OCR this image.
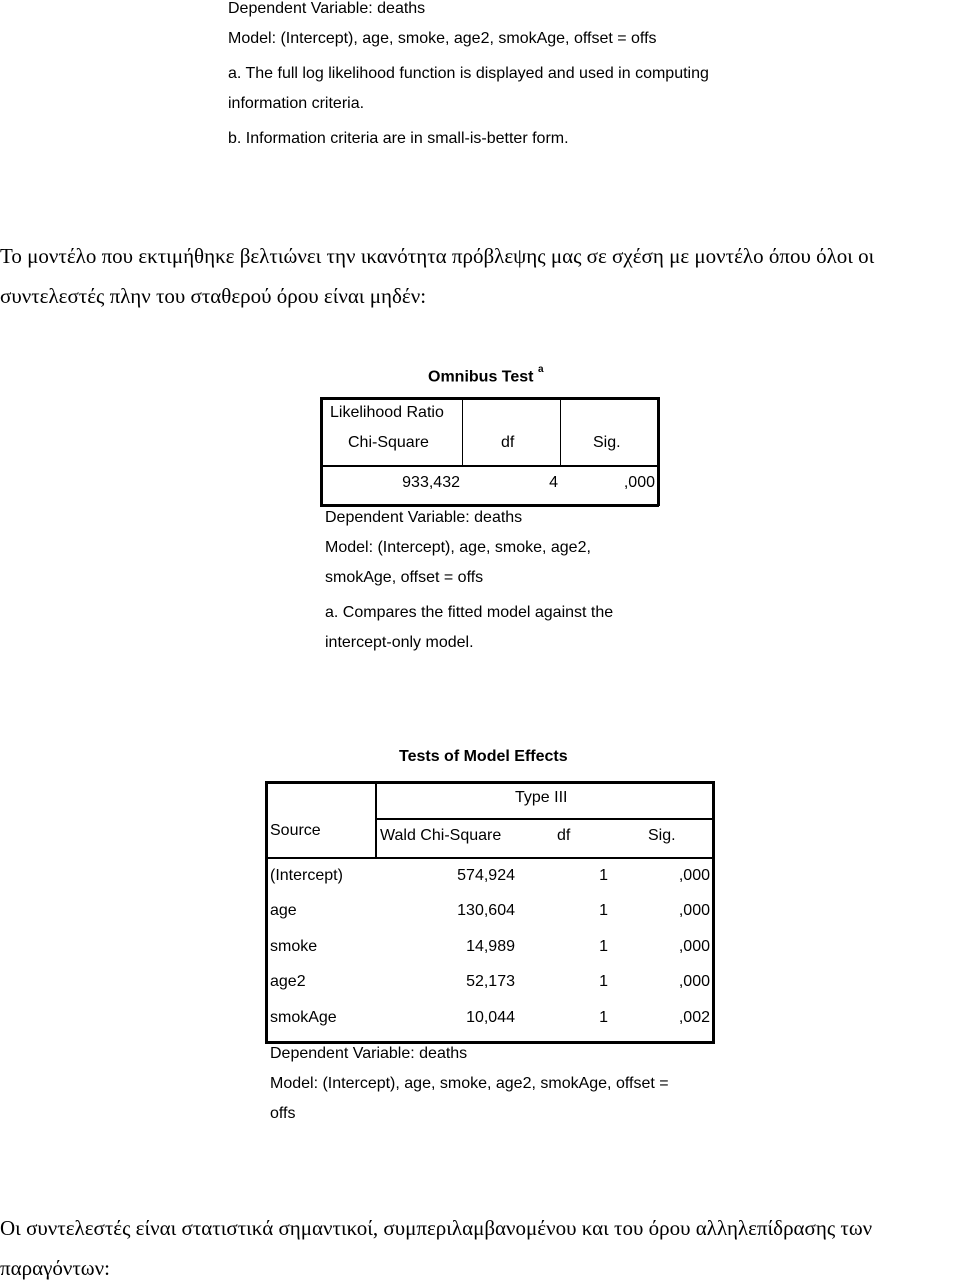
Dependent Variable: deaths
Model: (Intercept), age, smoke, age2, smokAge, offset = offs
a. The full log likelihood function is displayed and used in computing
information criteria.
b. Information criteria are in small-is-better form.
Το μοντέλο που εκτιμήθηκε βελτιώνει την ικανότητα πρόβλεψης μας σε σχέση με μοντέλο όπου όλοι οι
συντελεστές πλην του σταθερού όρου είναι μηδέν:
Omnibus Test $^a$
Likelihood Ratio
Chi-Square	df	Sig.
933,432	4	,000
Dependent Variable: deaths
Model: (Intercept), age, smoke, age2,
smokAge, offset = offs
a. Compares the fitted model against the
intercept-only model.
Tests of Model Effects
Type III
Source	Wald Chi-Square	df	Sig.
(Intercept)	574,924	1	,000
age	130,604	1	,000
smoke	14,989	1	,000
age2	52,173	1	,000
smokAge	10,044	1	,002
Dependent Variable: deaths
Model: (Intercept), age, smoke, age2, smokAge, offset =
offs
Οι συντελεστές είναι στατιστικά σημαντικοί, συμπεριλαμβανομένου και του όρου αλληλεπίδρασης των
παραγόντων:
